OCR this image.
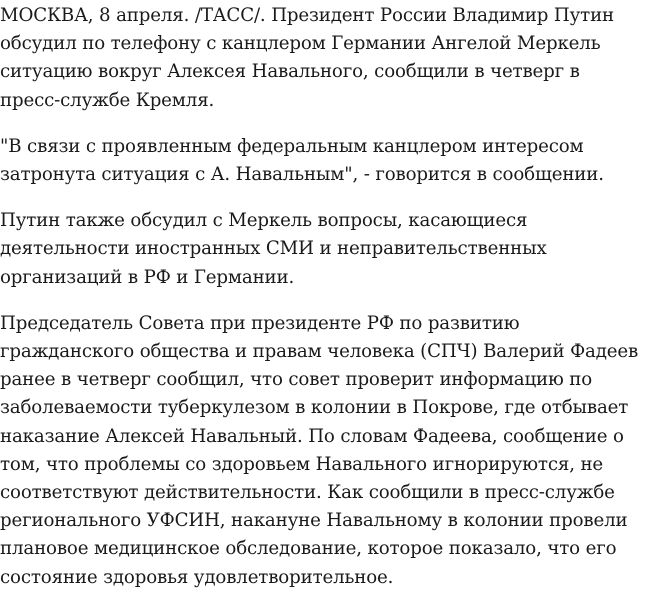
МОСКВА, 8 апреля. /ТАСС/. Президент России Владимир Путин обсудил по телефону с канцлером Германии Ангелой Меркель ситуацию вокруг Алексея Навального, сообщили в четверг в пресс-службе Кремля.

"В связи с проявленным федеральным канцлером интересом затронута ситуация с А. Навальным", - говорится в сообщении.

Путин также обсудил с Меркель вопросы, касающиеся деятельности иностранных СМИ и неправительственных организаций в РФ и Германии.

Председатель Совета при президенте РФ по развитию гражданского общества и правам человека (СПЧ) Валерий Фадеев ранее в четверг сообщил, что совет проверит информацию по заболеваемости туберкулезом в колонии в Покрове, где отбывает наказание Алексей Навальный. По словам Фадеева, сообщение о том, что проблемы со здоровьем Навального игнорируются, не соответствуют действительности. Как сообщили в пресс-службе регионального УФСИН, накануне Навальному в колонии провели плановое медицинское обследование, которое показало, что его состояние здоровья удовлетворительное.
